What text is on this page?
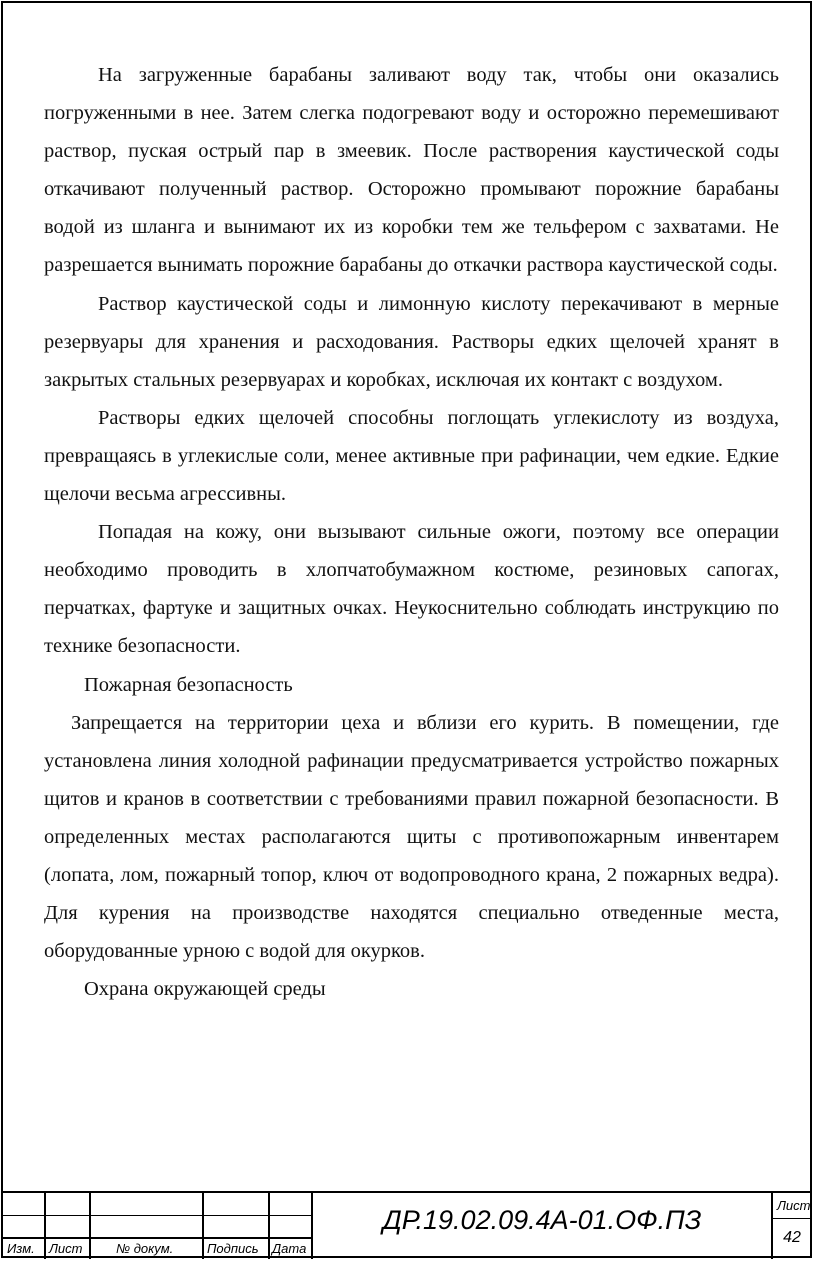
На загруженные барабаны заливают воду так, чтобы они оказались погруженными в нее. Затем слегка подогревают воду и осторожно перемешивают раствор, пуская острый пар в змеевик. После растворения каустической соды откачивают полученный раствор. Осторожно промывают порожние барабаны водой из шланга и вынимают их из коробки тем же тельфером с захватами. Не разрешается вынимать порожние барабаны до откачки раствора каустической соды.

Раствор каустической соды и лимонную кислоту перекачивают в мерные резервуары для хранения и расходования. Растворы едких щелочей хранят в закрытых стальных резервуарах и коробках, исключая их контакт с воздухом.

Растворы едких щелочей способны поглощать углекислоту из воздуха, превращаясь в углекислые соли, менее активные при рафинации, чем едкие. Едкие щелочи весьма агрессивны.

Попадая на кожу, они вызывают сильные ожоги, поэтому все операции необходимо проводить в хлопчатобумажном костюме, резиновых сапогах, перчатках, фартуке и защитных очках. Неукоснительно соблюдать инструкцию по технике безопасности.

Пожарная безопасность

Запрещается на территории цеха и вблизи его курить. В помещении, где установлена линия холодной рафинации предусматривается устройство пожарных щитов и кранов в соответствии с требованиями правил пожарной безопасности. В определенных местах располагаются щиты с противопожарным инвентарем (лопата, лом, пожарный топор, ключ от водопроводного крана, 2 пожарных ведра). Для курения на производстве находятся специально отведенные места, оборудованные урною с водой для окурков.

Охрана окружающей среды

Изм. Лист	№ докум.	Подпись Дата
ДР.19.02.09.4А-01.ОФ.ПЗ	Лист
42
